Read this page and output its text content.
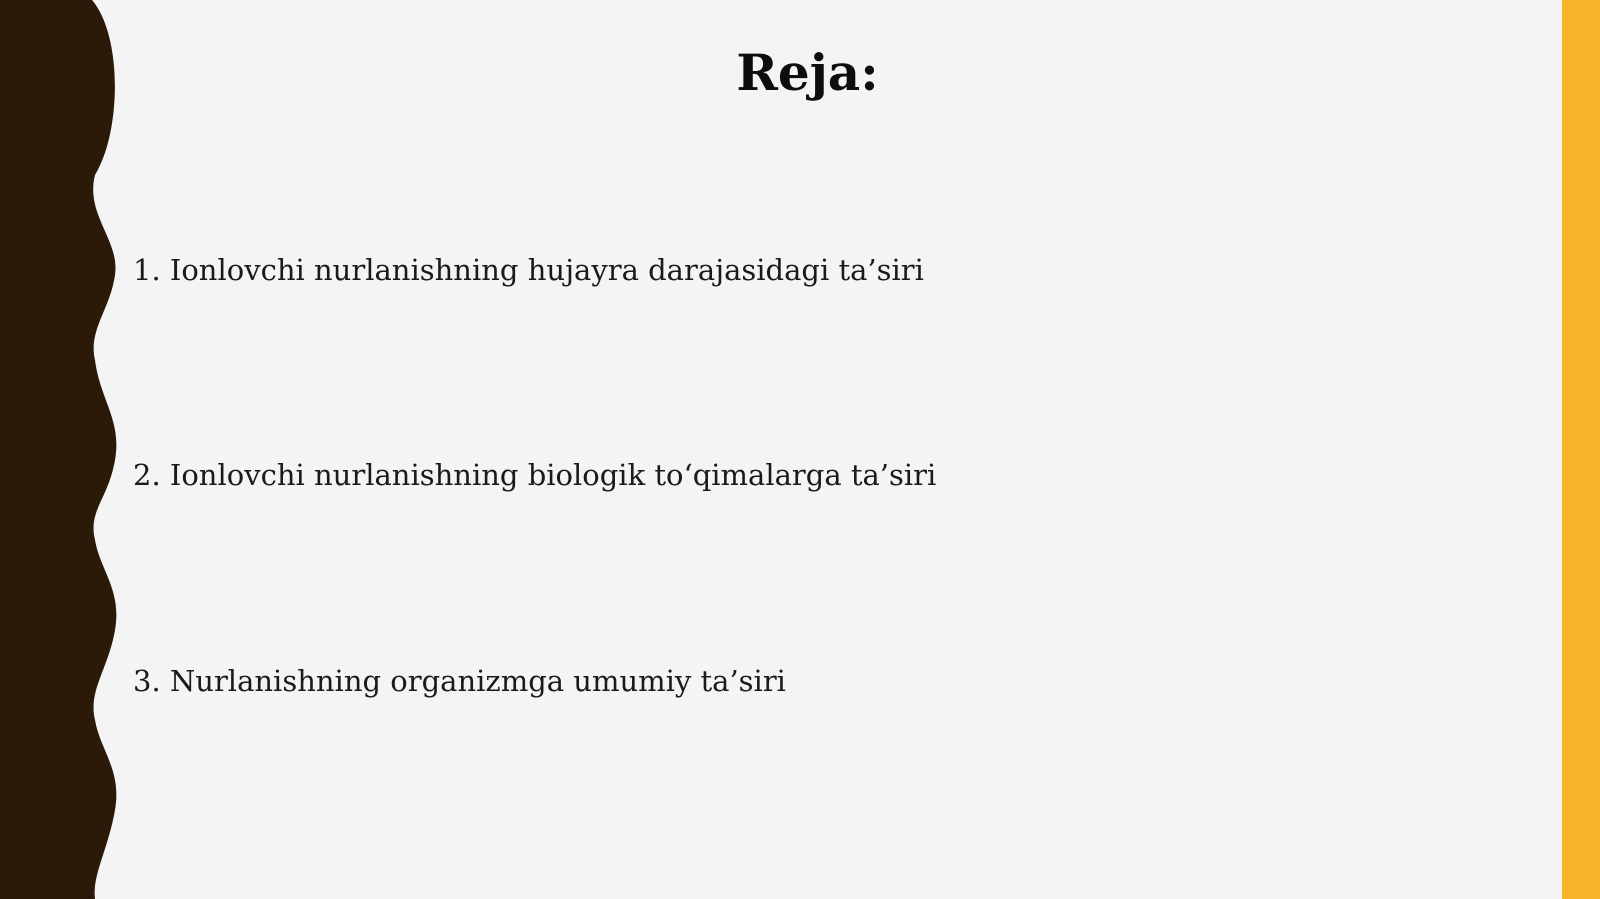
Reja:
1. Ionlovchi nurlanishning hujayra darajasidagi ta’siri
2. Ionlovchi nurlanishning biologik to‘qimalarga ta’siri
3. Nurlanishning organizmga umumiy ta’siri
